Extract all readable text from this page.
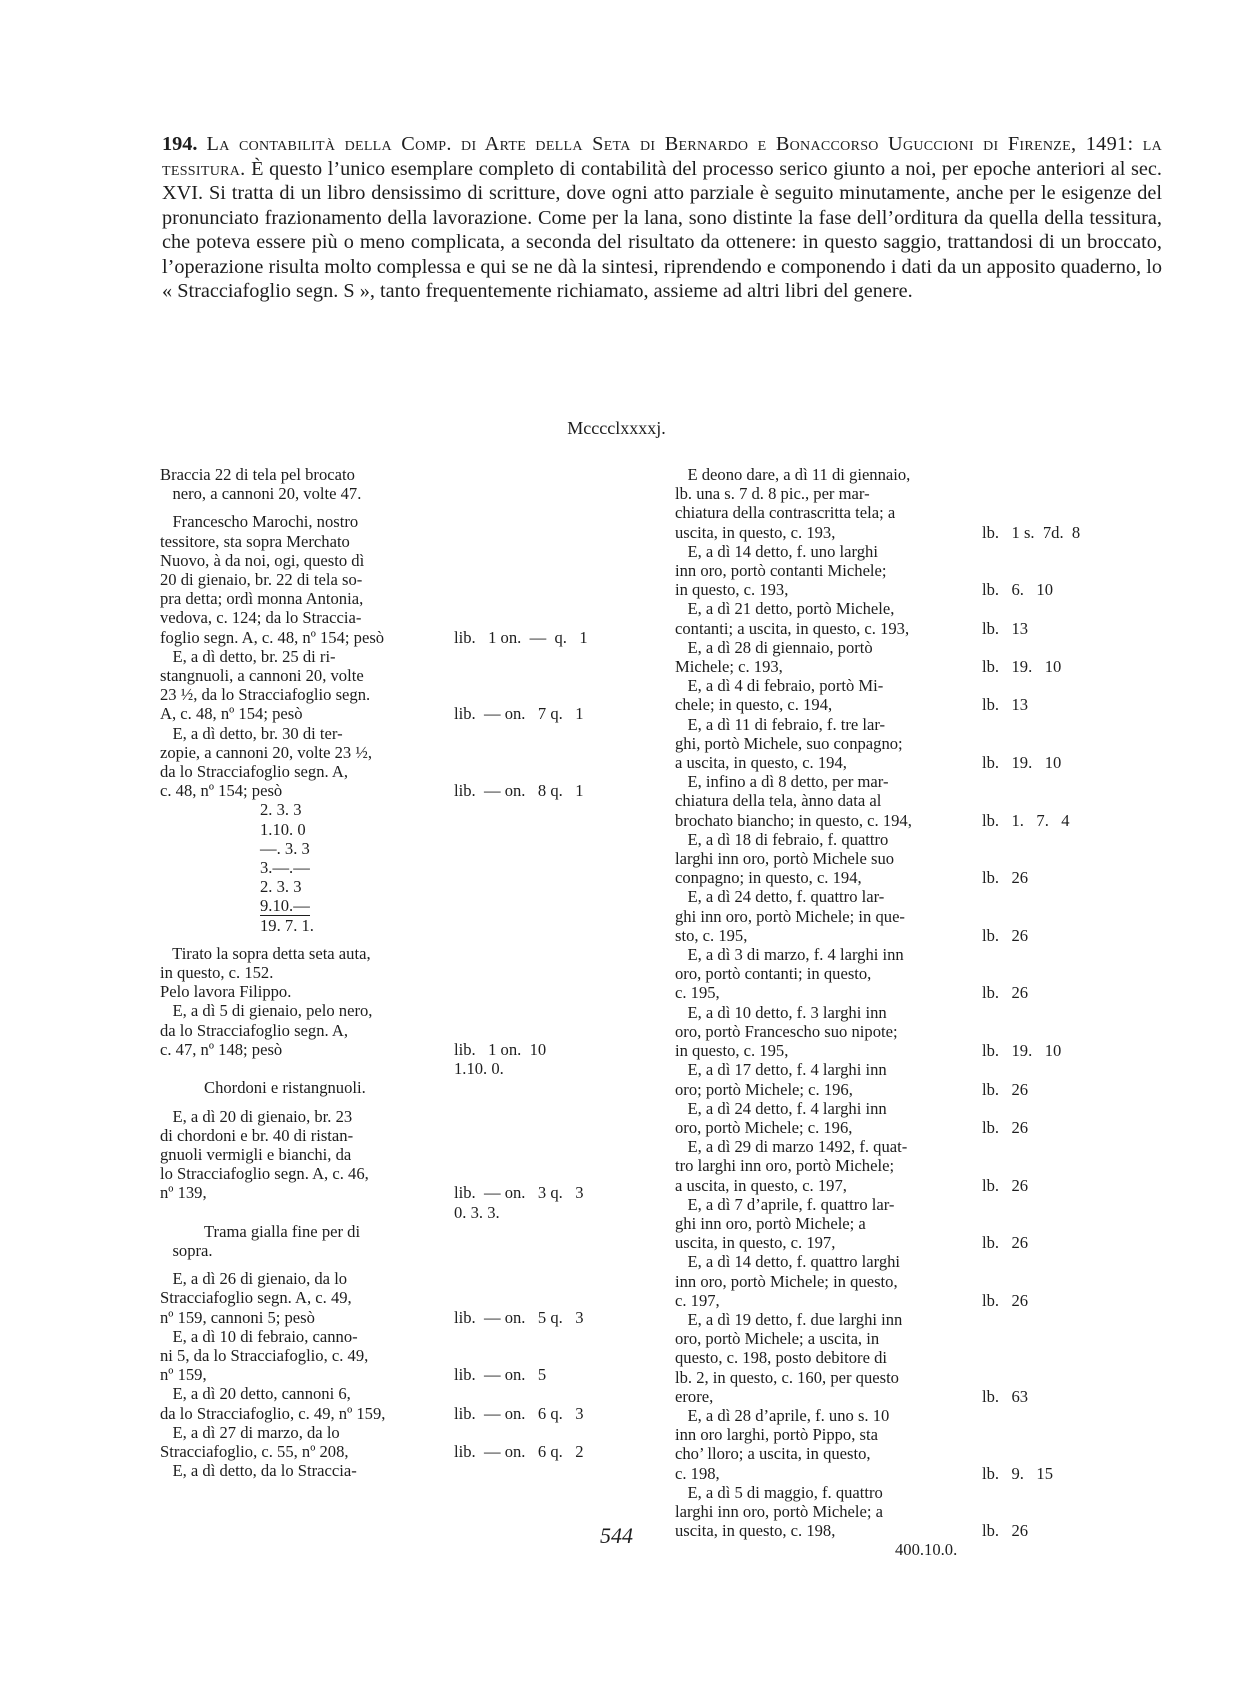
194. La contabilità della Comp. di Arte della Seta di Bernardo e Bonaccorso Uguccioni di Firenze, 1491: la tessitura. È questo l’unico esemplare completo di contabilità del processo serico giunto a noi, per epoche anteriori al sec. XVI. Si tratta di un libro densissimo di scritture, dove ogni atto parziale è seguito minutamente, anche per le esigenze del pronunciato frazionamento della lavorazione. Come per la lana, sono distinte la fase dell’orditura da quella della tessitura, che poteva essere più o meno complicata, a seconda del risultato da ottenere: in questo saggio, trattandosi di un broccato, l’operazione risulta molto complessa e qui se ne dà la sintesi, riprendendo e componendo i dati da un apposito quaderno, lo « Stracciafoglio segn. S », tanto frequentemente richiamato, assieme ad altri libri del genere.

Mcccclxxxxj.
Braccia 22 di tela pel brocato
nero, a cannoni 20, volte 47.
Francescho Marochi, nostro
tessitore, sta sopra Merchato
Nuovo, à da noi, ogi, questo dì
20 di gienaio, br. 22 di tela so-
pra detta; ordì monna Antonia,
vedova, c. 124; da lo Straccia-
foglio segn. A, c. 48, nº 154; pesò	lib.   1 on.  —  q.   1
E, a dì detto, br. 25 di ri-
stangnuoli, a cannoni 20, volte
23 ½, da lo Stracciafoglio segn.
A, c. 48, nº 154; pesò	lib.  — on.   7 q.   1
E, a dì detto, br. 30 di ter-
zopie, a cannoni 20, volte 23 ½,
da lo Stracciafoglio segn. A,
c. 48, nº 154; pesò	lib.  — on.   8 q.   1
2. 3. 3
1.10. 0
—. 3. 3
3.—.—
2. 3. 3
9.10.—
19. 7. 1.
Tirato la sopra detta seta auta,
in questo, c. 152.
Pelo lavora Filippo.
E, a dì 5 di gienaio, pelo nero,
da lo Stracciafoglio segn. A,
c. 47, nº 148; pesò	lib.   1 on.  10
1.10. 0.
Chordoni e ristangnuoli.
E, a dì 20 di gienaio, br. 23
di chordoni e br. 40 di ristan-
gnuoli vermigli e bianchi, da
lo Stracciafoglio segn. A, c. 46,
nº 139,	lib.  — on.   3 q.   3
0. 3. 3.
Trama gialla fine per di
sopra.
E, a dì 26 di gienaio, da lo
Stracciafoglio segn. A, c. 49,
nº 159, cannoni 5; pesò	lib.  — on.   5 q.   3
E, a dì 10 di febraio, canno-
ni 5, da lo Stracciafoglio, c. 49,
nº 159,	lib.  — on.   5
E, a dì 20 detto, cannoni 6,
da lo Stracciafoglio, c. 49, nº 159,	lib.  — on.   6 q.   3
E, a dì 27 di marzo, da lo
Stracciafoglio, c. 55, nº 208,	lib.  — on.   6 q.   2
E, a dì detto, da lo Straccia-
E deono dare, a dì 11 di giennaio,
lb. una s. 7 d. 8 pic., per mar-
chiatura della contrascritta tela; a
uscita, in questo, c. 193,	lb.   1 s.  7d.  8
E, a dì 14 detto, f. uno larghi
inn oro, portò contanti Michele;
in questo, c. 193,	lb.   6.   10
E, a dì 21 detto, portò Michele,
contanti; a uscita, in questo, c. 193,	lb.   13
E, a dì 28 di giennaio, portò
Michele; c. 193,	lb.   19.   10
E, a dì 4 di febraio, portò Mi-
chele; in questo, c. 194,	lb.   13
E, a dì 11 di febraio, f. tre lar-
ghi, portò Michele, suo conpagno;
a uscita, in questo, c. 194,	lb.   19.   10
E, infino a dì 8 detto, per mar-
chiatura della tela, ànno data al
brochato biancho; in questo, c. 194,	lb.   1.   7.   4
E, a dì 18 di febraio, f. quattro
larghi inn oro, portò Michele suo
conpagno; in questo, c. 194,	lb.   26
E, a dì 24 detto, f. quattro lar-
ghi inn oro, portò Michele; in que-
sto, c. 195,	lb.   26
E, a dì 3 di marzo, f. 4 larghi inn
oro, portò contanti; in questo,
c. 195,	lb.   26
E, a dì 10 detto, f. 3 larghi inn
oro, portò Francescho suo nipote;
in questo, c. 195,	lb.   19.   10
E, a dì 17 detto, f. 4 larghi inn
oro; portò Michele; c. 196,	lb.   26
E, a dì 24 detto, f. 4 larghi inn
oro, portò Michele; c. 196,	lb.   26
E, a dì 29 di marzo 1492, f. quat-
tro larghi inn oro, portò Michele;
a uscita, in questo, c. 197,	lb.   26
E, a dì 7 d’aprile, f. quattro lar-
ghi inn oro, portò Michele; a
uscita, in questo, c. 197,	lb.   26
E, a dì 14 detto, f. quattro larghi
inn oro, portò Michele; in questo,
c. 197,	lb.   26
E, a dì 19 detto, f. due larghi inn
oro, portò Michele; a uscita, in
questo, c. 198, posto debitore di
lb. 2, in questo, c. 160, per questo
erore,	lb.   63
E, a dì 28 d’aprile, f. uno s. 10
inn oro larghi, portò Pippo, sta
cho’ lloro; a uscita, in questo,
c. 198,	lb.   9.   15
E, a dì 5 di maggio, f. quattro
larghi inn oro, portò Michele; a
uscita, in questo, c. 198,	lb.   26
400.10.0.
544
